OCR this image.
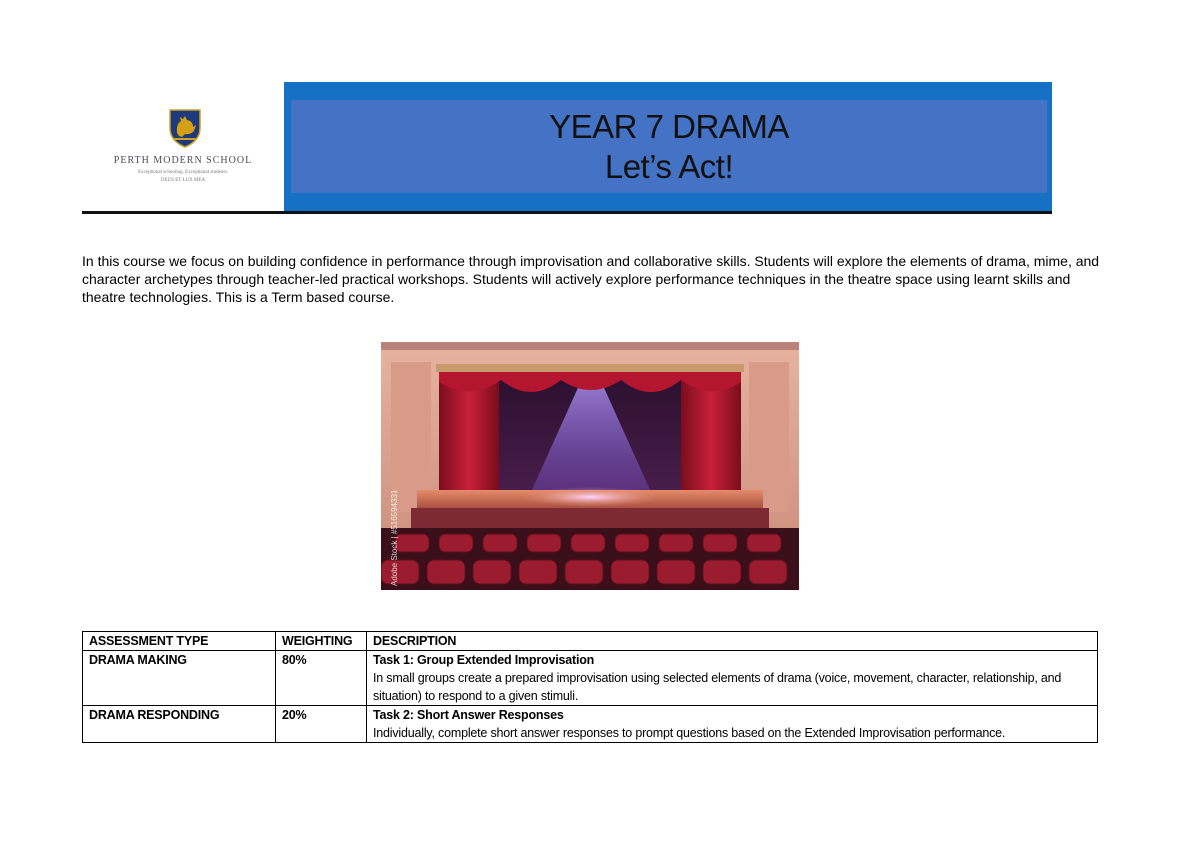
PERTH MODERN SCHOOL
Exceptional schooling. Exceptional students.
DEUS ET LUX MEA
YEAR 7 DRAMA
Let’s Act!

In this course we focus on building confidence in performance through improvisation and collaborative skills. Students will explore the elements of drama, mime, and character archetypes through teacher-led practical workshops. Students will actively explore performance techniques in the theatre space using learnt skills and theatre technologies. This is a Term based course.

Adobe Stock | #516594331
ASSESSMENT TYPE	WEIGHTING	DESCRIPTION
DRAMA MAKING	80%	Task 1: Group Extended Improvisation
In small groups create a prepared improvisation using selected elements of drama (voice, movement, character, relationship, and situation) to respond to a given stimuli.

DRAMA RESPONDING	20%	Task 2: Short Answer Responses
Individually, complete short answer responses to prompt questions based on the Extended Improvisation performance.
